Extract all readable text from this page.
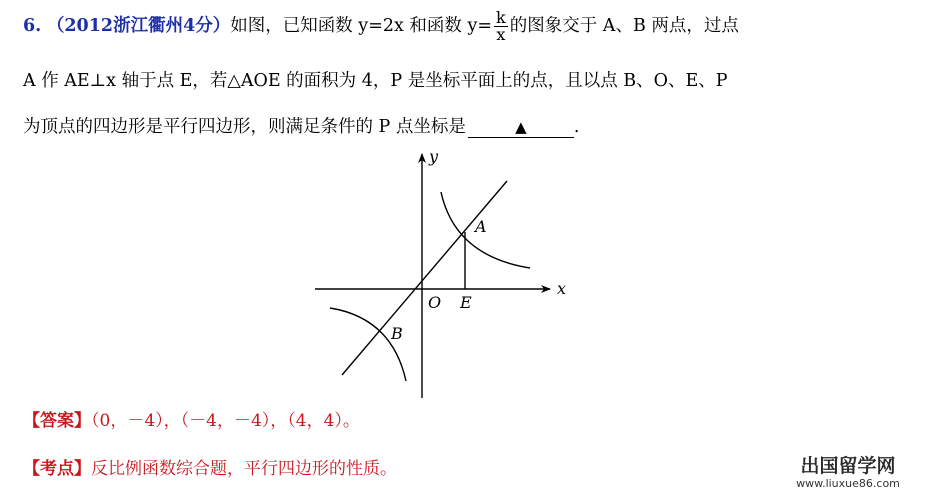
6. （2012浙江衢州4分）如图，已知函数 y=2x 和函数 $y= \frac{k}{x}$ 的图象交于 A、B 两点，过点
A 作 AE⊥x 轴于点 E，若△AOE 的面积为 4，P 是坐标平面上的点，且以点 B、O、E、P
为顶点的四边形是平行四边形，则满足条件的 P 点坐标是	▲	.
y
x
O
A
E
B
【答案】（0，－4），（－4，－4），（4，4）。
【考点】反比例函数综合题，平行四边形的性质。	出国留学网
www.liuxue86.com
